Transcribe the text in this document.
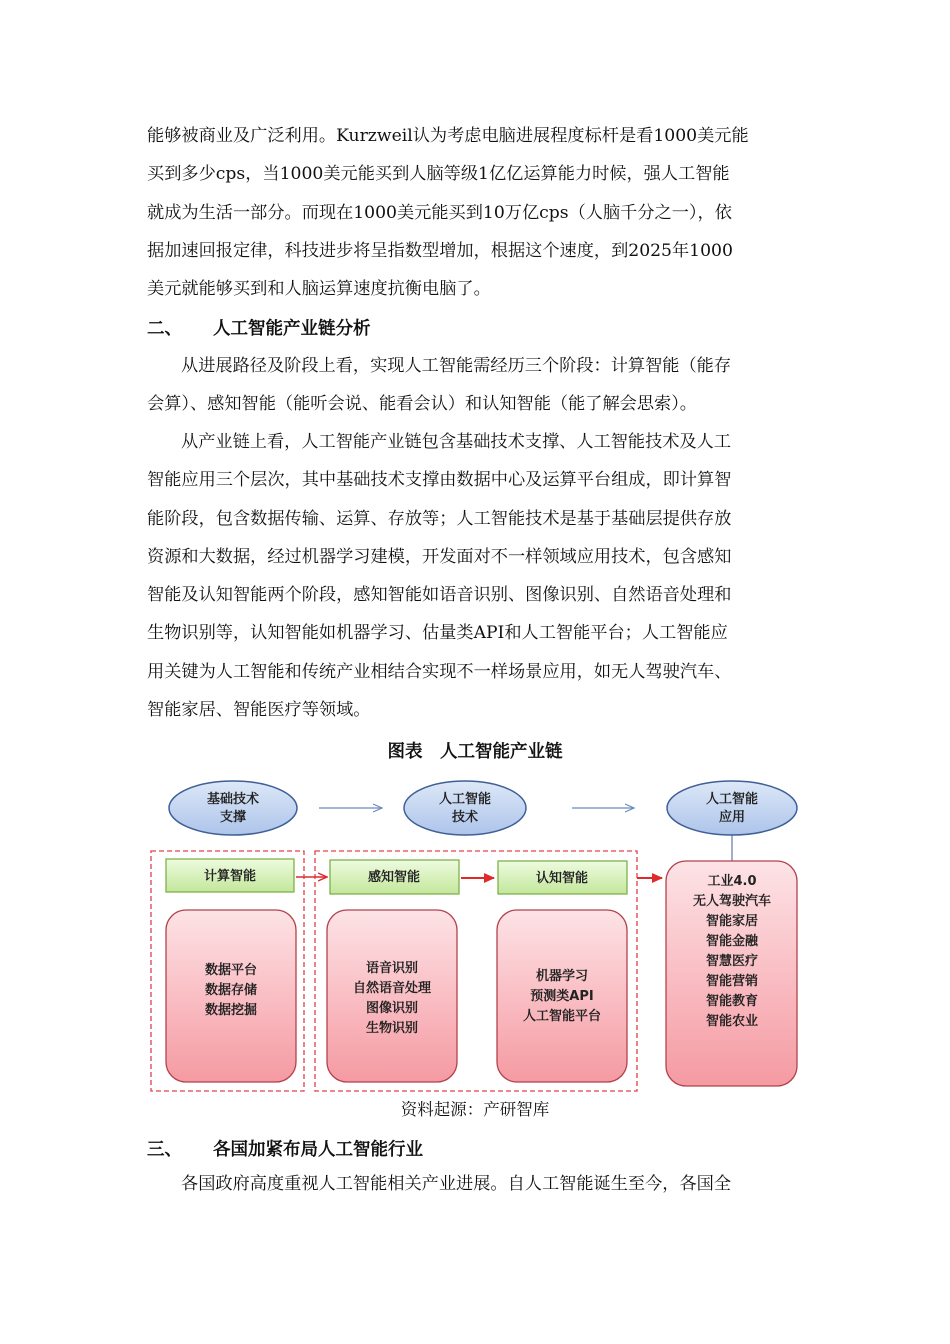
能够被商业及广泛利用。Kurzweil认为考虑电脑进展程度标杆是看1000美元能
买到多少cps，当1000美元能买到人脑等级1亿亿运算能力时候，强人工智能
就成为生活一部分。而现在1000美元能买到10万亿cps（人脑千分之一），依
据加速回报定律，科技进步将呈指数型增加，根据这个速度，到2025年1000
美元就能够买到和人脑运算速度抗衡电脑了。
二、 人工智能产业链分析
从进展路径及阶段上看，实现人工智能需经历三个阶段：计算智能（能存
会算）、感知智能（能听会说、能看会认）和认知智能（能了解会思索）。
从产业链上看，人工智能产业链包含基础技术支撑、人工智能技术及人工
智能应用三个层次，其中基础技术支撑由数据中心及运算平台组成，即计算智
能阶段，包含数据传输、运算、存放等；人工智能技术是基于基础层提供存放
资源和大数据，经过机器学习建模，开发面对不一样领域应用技术，包含感知
智能及认知智能两个阶段，感知智能如语音识别、图像识别、自然语音处理和
生物识别等，认知智能如机器学习、估量类API和人工智能平台；人工智能应
用关键为人工智能和传统产业相结合实现不一样场景应用，如无人驾驶汽车、
智能家居、智能医疗等领域。
图表　人工智能产业链
基础技术
支撑
人工智能
技术
人工智能
应用
计算智能	感知智能	认知智能
数据平台
数据存储
数据挖掘
语音识别
自然语音处理
图像识别
生物识别
机器学习
预测类API
人工智能平台
工业4.0
无人驾驶汽车
智能家居
智能金融
智慧医疗
智能营销
智能教育
智能农业
资料起源：产研智库
三、 各国加紧布局人工智能行业
各国政府高度重视人工智能相关产业进展。自人工智能诞生至今，各国全
